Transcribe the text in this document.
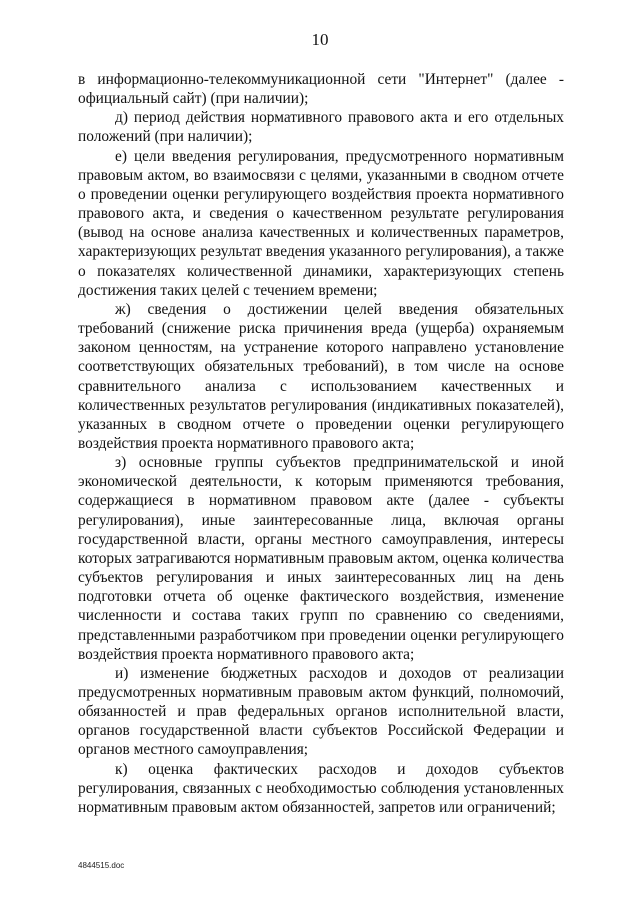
10

в информационно-телекоммуникационной сети "Интернет" (далее - официальный сайт) (при наличии);

д) период действия нормативного правового акта и его отдельных положений (при наличии);

е) цели введения регулирования, предусмотренного нормативным правовым актом, во взаимосвязи с целями, указанными в сводном отчете о проведении оценки регулирующего воздействия проекта нормативного правового акта, и сведения о качественном результате регулирования (вывод на основе анализа качественных и количественных параметров, характеризующих результат введения указанного регулирования), а также о показателях количественной динамики, характеризующих степень достижения таких целей с течением времени;

ж) сведения о достижении целей введения обязательных требований (снижение риска причинения вреда (ущерба) охраняемым законом ценностям, на устранение которого направлено установление соответствующих обязательных требований), в том числе на основе сравнительного анализа с использованием качественных и количественных результатов регулирования (индикативных показателей), указанных в сводном отчете о проведении оценки регулирующего воздействия проекта нормативного правового акта;

з) основные группы субъектов предпринимательской и иной экономической деятельности, к которым применяются требования, содержащиеся в нормативном правовом акте (далее - субъекты регулирования), иные заинтересованные лица, включая органы государственной власти, органы местного самоуправления, интересы которых затрагиваются нормативным правовым актом, оценка количества субъектов регулирования и иных заинтересованных лиц на день подготовки отчета об оценке фактического воздействия, изменение численности и состава таких групп по сравнению со сведениями, представленными разработчиком при проведении оценки регулирующего воздействия проекта нормативного правового акта;

и) изменение бюджетных расходов и доходов от реализации предусмотренных нормативным правовым актом функций, полномочий, обязанностей и прав федеральных органов исполнительной власти, органов государственной власти субъектов Российской Федерации и органов местного самоуправления;

к) оценка фактических расходов и доходов субъектов регулирования, связанных с необходимостью соблюдения установленных нормативным правовым актом обязанностей, запретов или ограничений;

4844515.doc
